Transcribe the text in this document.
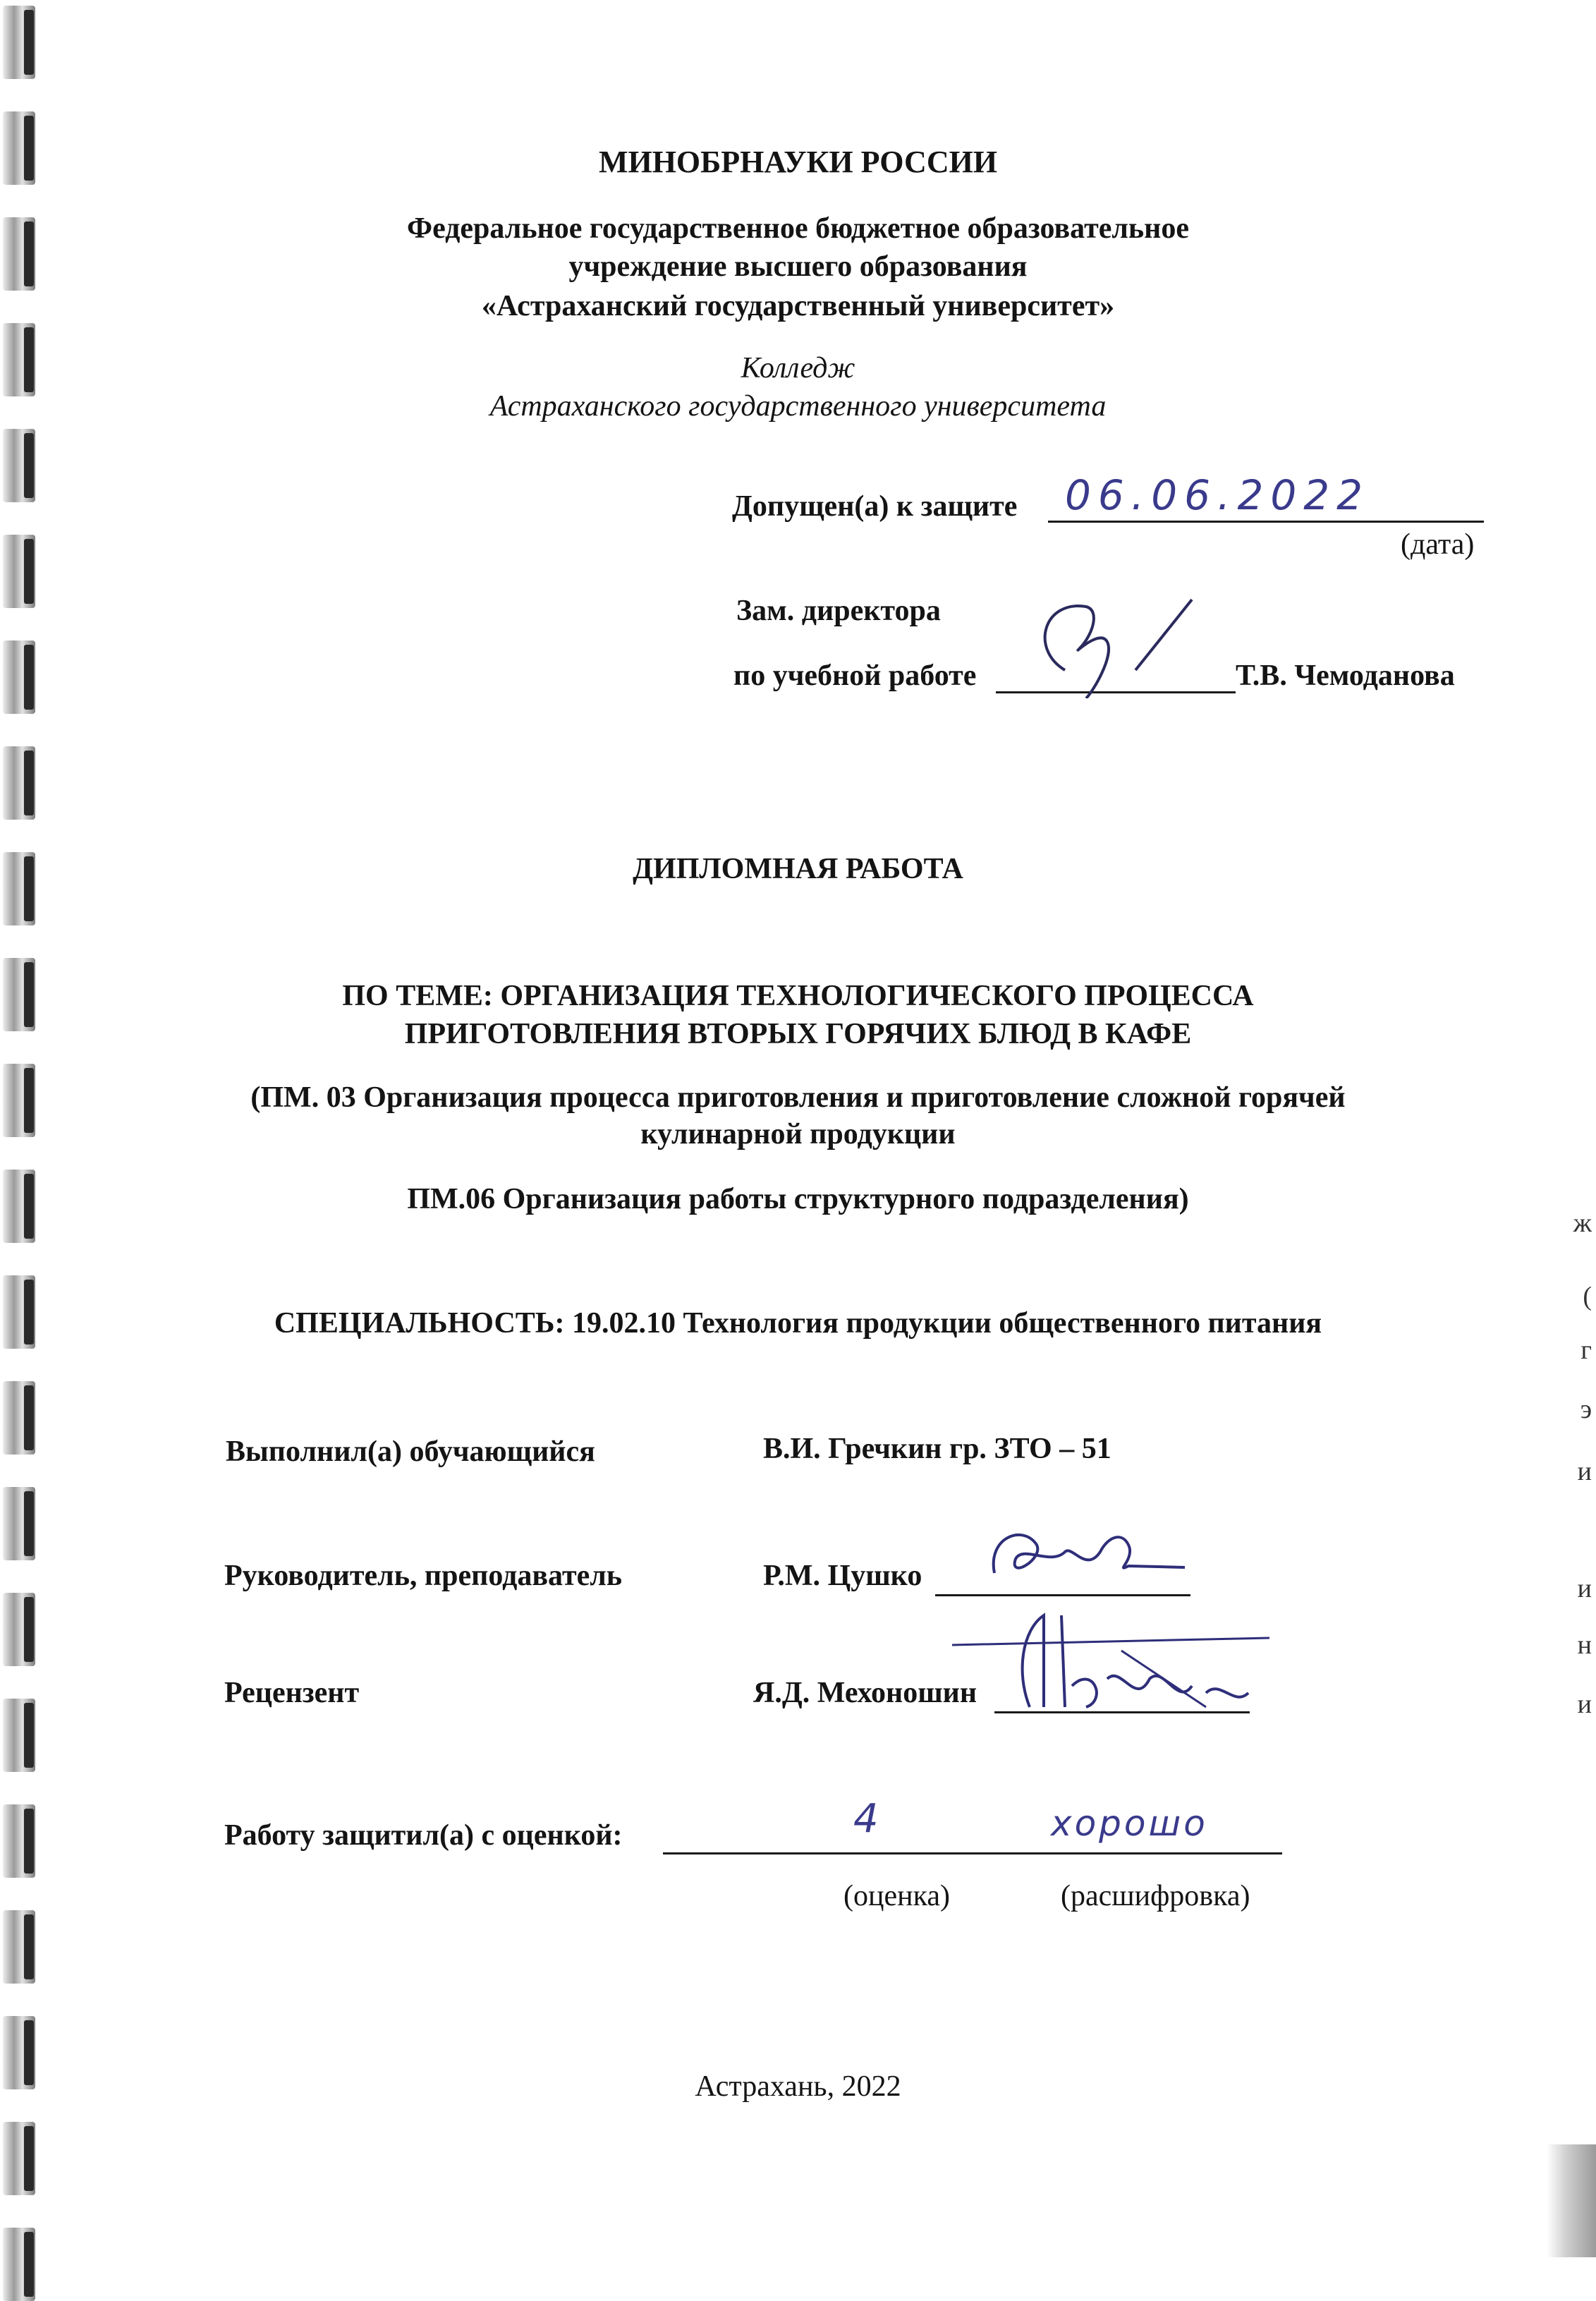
ж
(
г
э
и
и
н
и
МИНОБРНАУКИ РОССИИ
Федеральное государственное бюджетное образовательное
учреждение высшего образования
«Астраханский государственный университет»
Колледж
Астраханского государственного университета
Допущен(а) к защите 06.06.2022
(дата)
Зам. директора
по учебной работе	Т.В. Чемоданова
ДИПЛОМНАЯ РАБОТА
ПО ТЕМЕ: ОРГАНИЗАЦИЯ ТЕХНОЛОГИЧЕСКОГО ПРОЦЕССА
ПРИГОТОВЛЕНИЯ ВТОРЫХ ГОРЯЧИХ БЛЮД В КАФЕ
(ПМ. 03 Организация процесса приготовления и приготовление сложной горячей
кулинарной продукции
ПМ.06 Организация работы структурного подразделения)
СПЕЦИАЛЬНОСТЬ: 19.02.10 Технология продукции общественного питания
Выполнил(а) обучающийся	В.И. Гречкин гр. ЗТО – 51
Руководитель, преподаватель	Р.М. Цушко
Рецензент	Я.Д. Мехоношин
Работу защитил(а) с оценкой:	4	хорошо
(оценка)	(расшифровка)
Астрахань, 2022
